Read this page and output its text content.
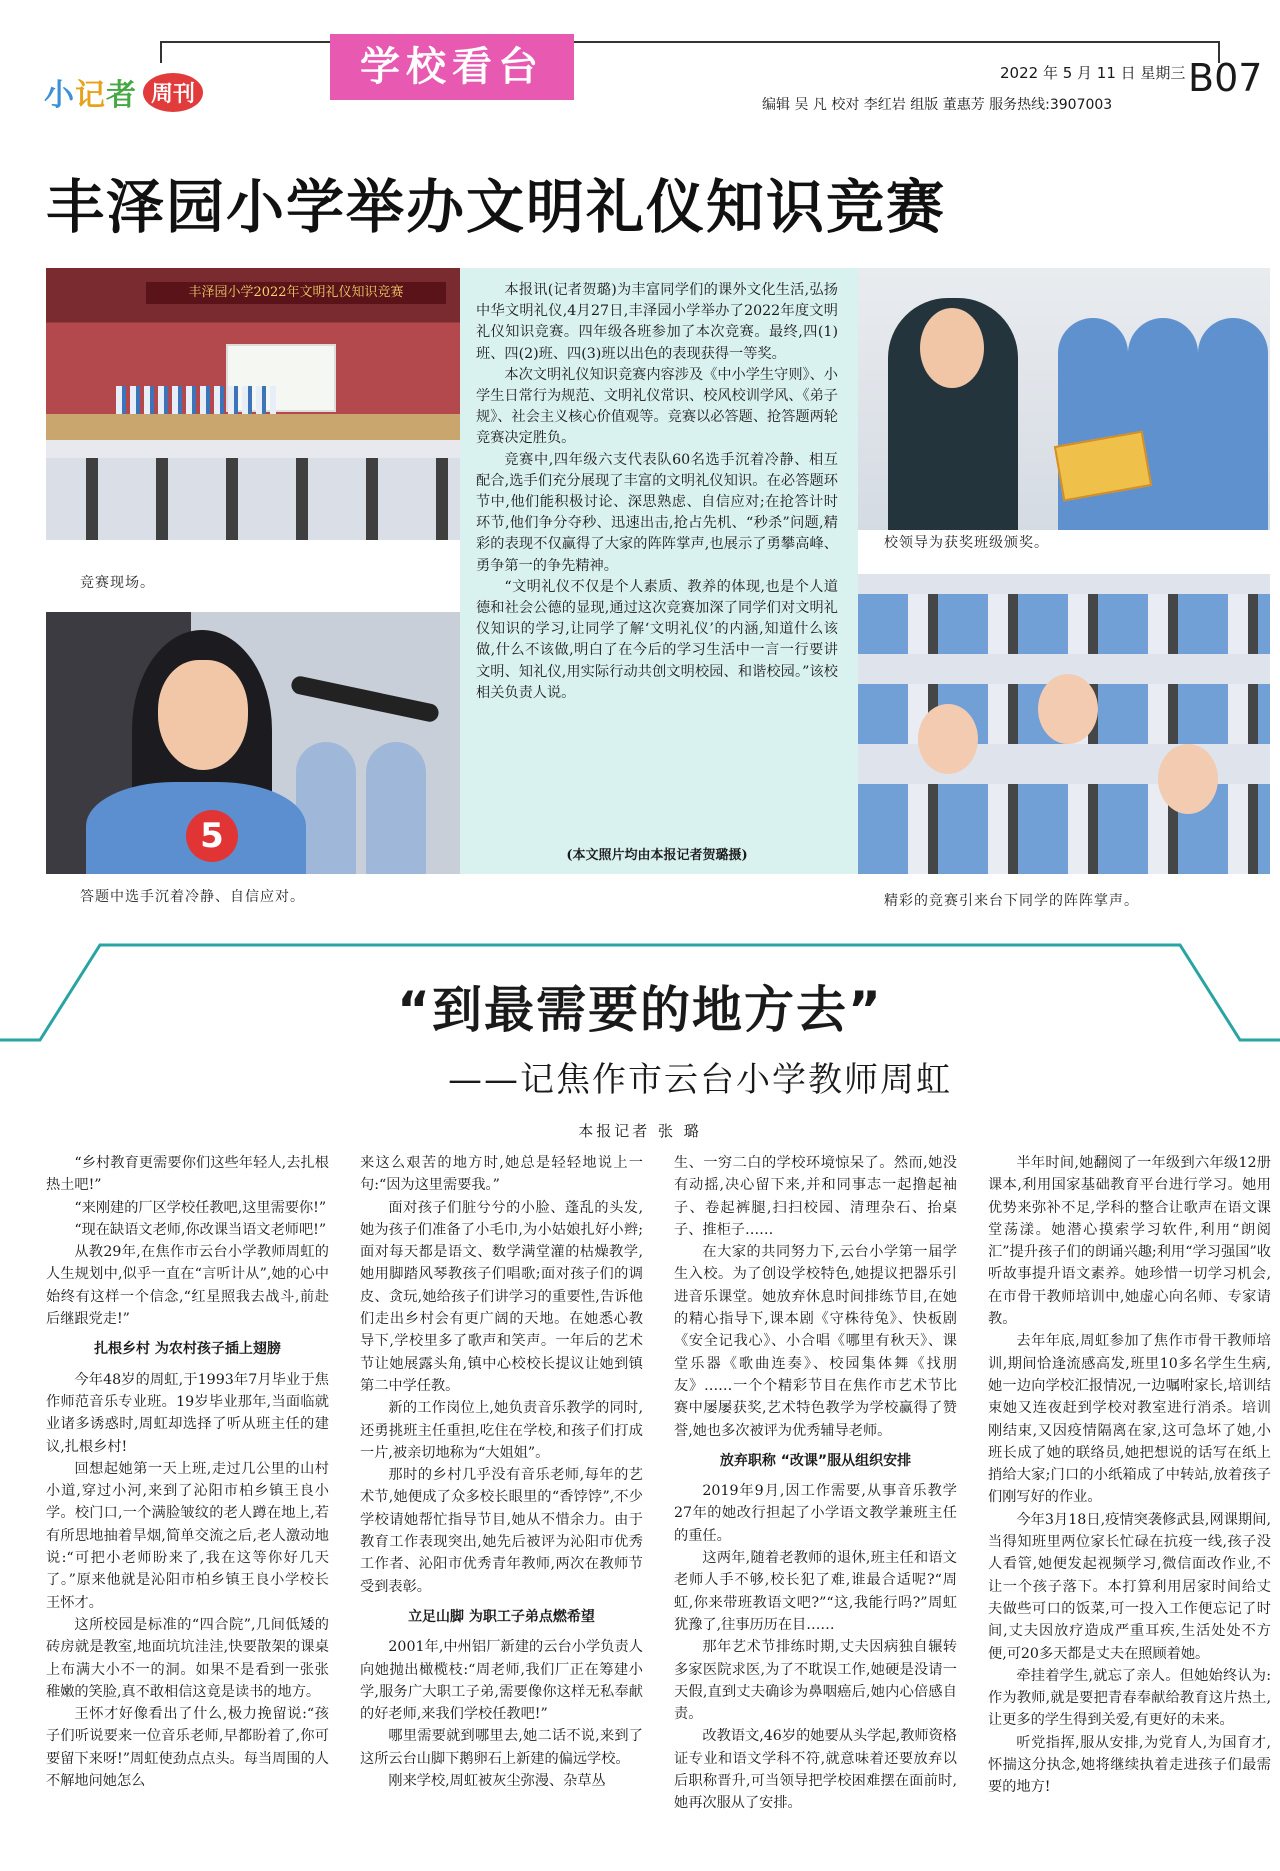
小记者 周刊
学校看台	2022 年 5 月 11 日 星期三 B07
编辑 吴 凡 校对 李红岩 组版 董惠芳 服务热线:3907003
丰泽园小学举办文明礼仪知识竞赛
丰泽园小学2022年文明礼仪知识竞赛
竞赛现场。
5
答题中选手沉着冷静、自信应对。

本报讯(记者贺璐)为丰富同学们的课外文化生活,弘扬中华文明礼仪,4月27日,丰泽园小学举办了2022年度文明礼仪知识竞赛。四年级各班参加了本次竞赛。最终,四(1)班、四(2)班、四(3)班以出色的表现获得一等奖。

本次文明礼仪知识竞赛内容涉及《中小学生守则》、小学生日常行为规范、文明礼仪常识、校风校训学风、《弟子规》、社会主义核心价值观等。竞赛以必答题、抢答题两轮竞赛决定胜负。

竞赛中,四年级六支代表队60名选手沉着冷静、相互配合,选手们充分展现了丰富的文明礼仪知识。在必答题环节中,他们能积极讨论、深思熟虑、自信应对;在抢答计时环节,他们争分夺秒、迅速出击,抢占先机、“秒杀”问题,精彩的表现不仅赢得了大家的阵阵掌声,也展示了勇攀高峰、勇争第一的争先精神。

“文明礼仪不仅是个人素质、教养的体现,也是个人道德和社会公德的显现,通过这次竞赛加深了同学们对文明礼仪知识的学习,让同学了解‘文明礼仪’的内涵,知道什么该做,什么不该做,明白了在今后的学习生活中一言一行要讲文明、知礼仪,用实际行动共创文明校园、和谐校园。”该校相关负责人说。

(本文照片均由本报记者贺璐摄)
校领导为获奖班级颁奖。
精彩的竞赛引来台下同学的阵阵掌声。
“到最需要的地方去”
——记焦作市云台小学教师周虹
本报记者 张 璐

“乡村教育更需要你们这些年轻人,去扎根热土吧!”

“来刚建的厂区学校任教吧,这里需要你!”

“现在缺语文老师,你改课当语文老师吧!”

从教29年,在焦作市云台小学教师周虹的人生规划中,似乎一直在“言听计从”,她的心中始终有这样一个信念,“红星照我去战斗,前赴后继跟党走!”

扎根乡村 为农村孩子插上翅膀

今年48岁的周虹,于1993年7月毕业于焦作师范音乐专业班。19岁毕业那年,当面临就业诸多诱惑时,周虹却选择了听从班主任的建议,扎根乡村!

回想起她第一天上班,走过几公里的山村小道,穿过小河,来到了沁阳市柏乡镇王良小学。校门口,一个满脸皱纹的老人蹲在地上,若有所思地抽着旱烟,简单交流之后,老人激动地说:“可把小老师盼来了,我在这等你好几天了。”原来他就是沁阳市柏乡镇王良小学校长王怀才。

这所校园是标准的“四合院”,几间低矮的砖房就是教室,地面坑坑洼洼,快要散架的课桌上布满大小不一的洞。如果不是看到一张张稚嫩的笑脸,真不敢相信这竟是读书的地方。

王怀才好像看出了什么,极力挽留说:“孩子们听说要来一位音乐老师,早都盼着了,你可要留下来呀!”周虹使劲点点头。每当周围的人不解地问她怎么

来这么艰苦的地方时,她总是轻轻地说上一句:“因为这里需要我。”

面对孩子们脏兮兮的小脸、蓬乱的头发,她为孩子们准备了小毛巾,为小姑娘扎好小辫;面对每天都是语文、数学满堂灌的枯燥教学,她用脚踏风琴教孩子们唱歌;面对孩子们的调皮、贪玩,她给孩子们讲学习的重要性,告诉他们走出乡村会有更广阔的天地。在她悉心教导下,学校里多了歌声和笑声。一年后的艺术节让她展露头角,镇中心校校长提议让她到镇第二中学任教。

新的工作岗位上,她负责音乐教学的同时,还勇挑班主任重担,吃住在学校,和孩子们打成一片,被亲切地称为“大姐姐”。

那时的乡村几乎没有音乐老师,每年的艺术节,她便成了众多校长眼里的“香饽饽”,不少学校请她帮忙指导节目,她从不惜余力。由于教育工作表现突出,她先后被评为沁阳市优秀工作者、沁阳市优秀青年教师,两次在教师节受到表彰。

立足山脚 为职工子弟点燃希望

2001年,中州铝厂新建的云台小学负责人向她抛出橄榄枝:“周老师,我们厂正在筹建小学,服务广大职工子弟,需要像你这样无私奉献的好老师,来我们学校任教吧!”

哪里需要就到哪里去,她二话不说,来到了这所云台山脚下鹅卵石上新建的偏远学校。

刚来学校,周虹被灰尘弥漫、杂草丛

生、一穷二白的学校环境惊呆了。然而,她没有动摇,决心留下来,并和同事志一起撸起袖子、卷起裤腿,扫扫校园、清理杂石、抬桌子、推柜子……

在大家的共同努力下,云台小学第一届学生入校。为了创设学校特色,她提议把器乐引进音乐课堂。她放弃休息时间排练节目,在她的精心指导下,课本剧《守株待兔》、快板剧《安全记我心》、小合唱《哪里有秋天》、课堂乐器《歌曲连奏》、校园集体舞《找朋友》……一个个精彩节目在焦作市艺术节比赛中屡屡获奖,艺术特色教学为学校赢得了赞誉,她也多次被评为优秀辅导老师。

放弃职称 “改课”服从组织安排

2019年9月,因工作需要,从事音乐教学27年的她改行担起了小学语文教学兼班主任的重任。

这两年,随着老教师的退休,班主任和语文老师人手不够,校长犯了难,谁最合适呢?“周虹,你来带班教语文吧?”“这,我能行吗?”周虹犹豫了,往事历历在目……

那年艺术节排练时期,丈夫因病独自辗转多家医院求医,为了不耽误工作,她硬是没请一天假,直到丈夫确诊为鼻咽癌后,她内心倍感自责。

改教语文,46岁的她要从头学起,教师资格证专业和语文学科不符,就意味着还要放弃以后职称晋升,可当领导把学校困难摆在面前时,她再次服从了安排。

半年时间,她翻阅了一年级到六年级12册课本,利用国家基础教育平台进行学习。她用优势来弥补不足,学科的整合让歌声在语文课堂荡漾。她潜心摸索学习软件,利用“朗阅汇”提升孩子们的朗诵兴趣;利用“学习强国”收听故事提升语文素养。她珍惜一切学习机会,在市骨干教师培训中,她虚心向名师、专家请教。

去年年底,周虹参加了焦作市骨干教师培训,期间恰逢流感高发,班里10多名学生生病,她一边向学校汇报情况,一边嘱咐家长,培训结束她又连夜赶到学校对教室进行消杀。培训刚结束,又因疫情隔离在家,这可急坏了她,小班长成了她的联络员,她把想说的话写在纸上捎给大家;门口的小纸箱成了中转站,放着孩子们刚写好的作业。

今年3月18日,疫情突袭修武县,网课期间,当得知班里两位家长忙碌在抗疫一线,孩子没人看管,她便发起视频学习,微信面改作业,不让一个孩子落下。本打算利用居家时间给丈夫做些可口的饭菜,可一投入工作便忘记了时间,丈夫因放疗造成严重耳疾,生活处处不方便,可20多天都是丈夫在照顾着她。

牵挂着学生,就忘了亲人。但她始终认为:作为教师,就是要把青春奉献给教育这片热土,让更多的学生得到关爱,有更好的未来。

听党指挥,服从安排,为党育人,为国育才,怀揣这分执念,她将继续执着走进孩子们最需要的地方!
